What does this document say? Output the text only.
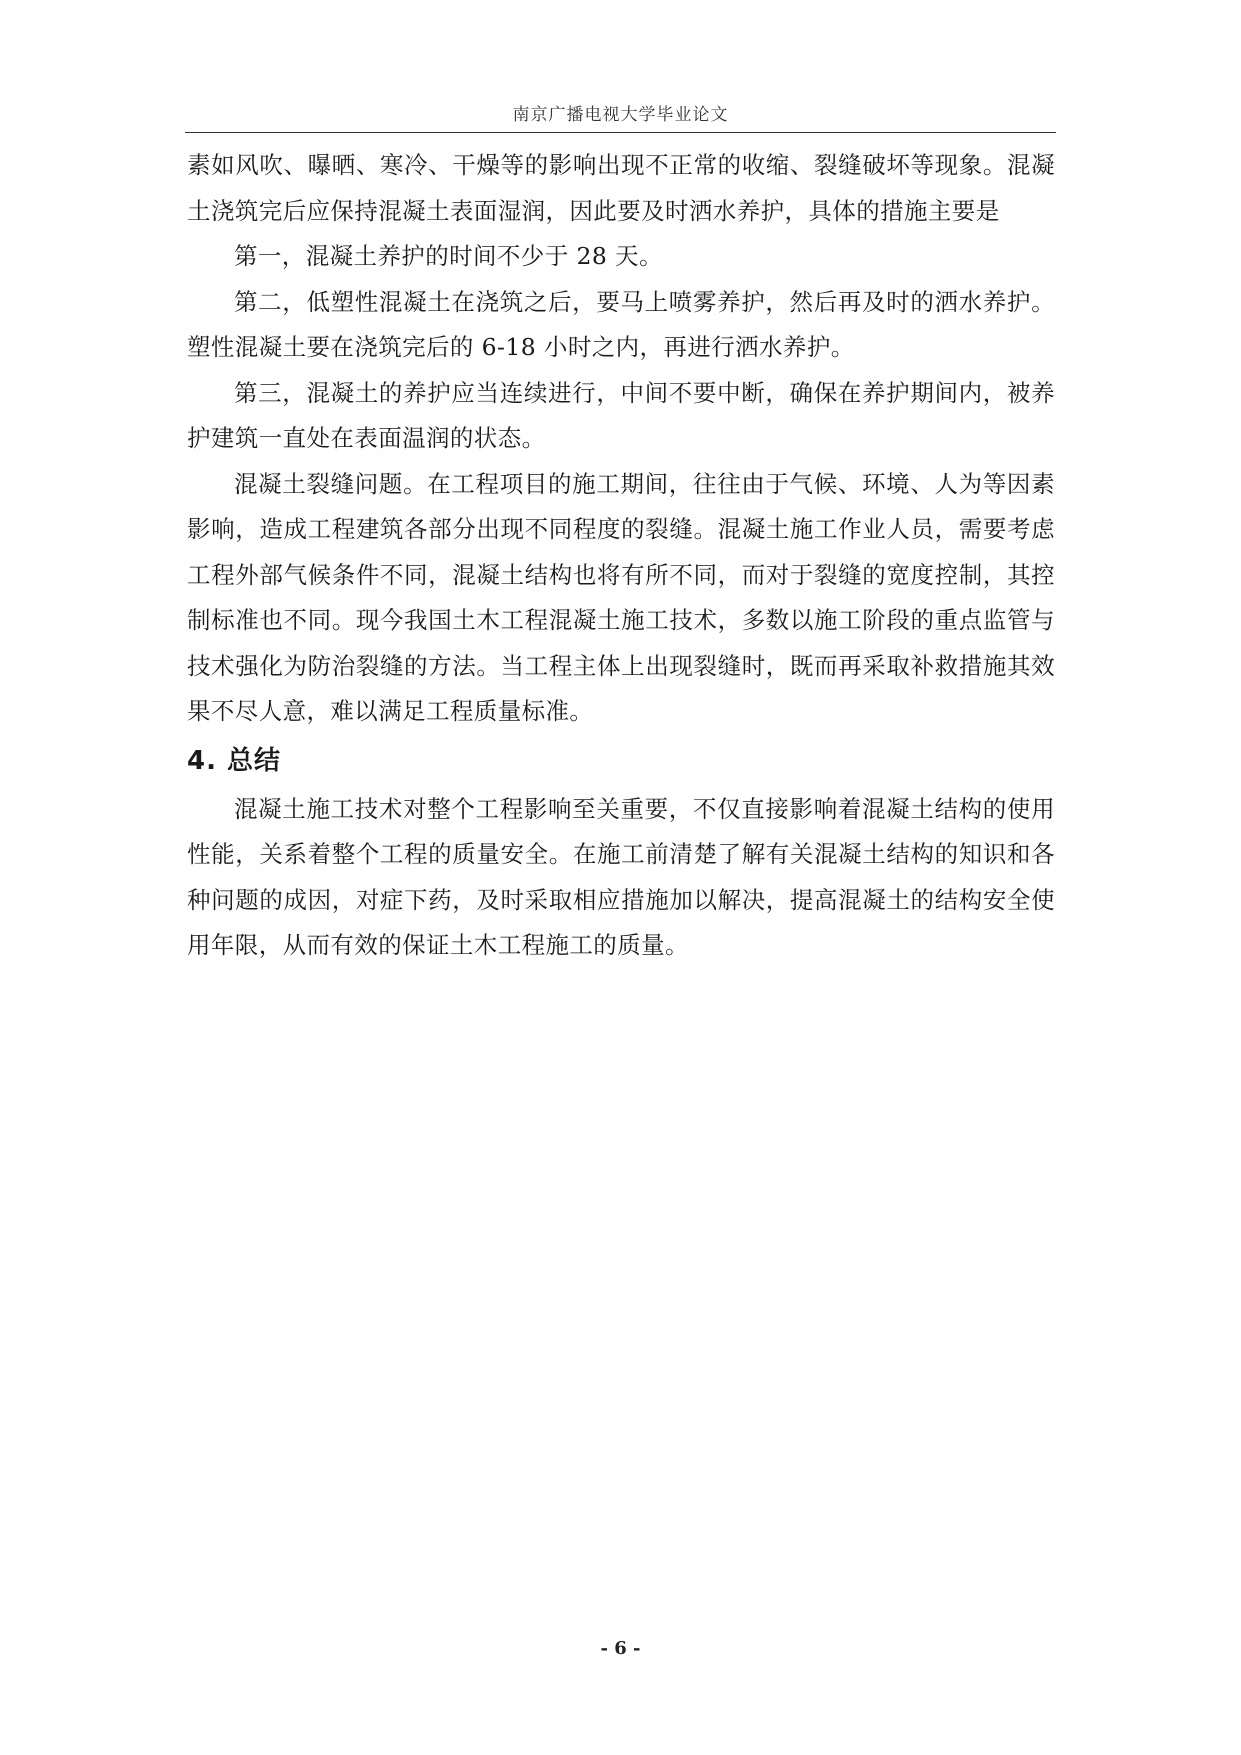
南京广播电视大学毕业论文

素如风吹、曝晒、寒冷、干燥等的影响出现不正常的收缩、裂缝破坏等现象。混凝土浇筑完后应保持混凝土表面湿润，因此要及时洒水养护，具体的措施主要是

第一，混凝土养护的时间不少于 28 天。

第二，低塑性混凝土在浇筑之后，要马上喷雾养护，然后再及时的洒水养护。塑性混凝土要在浇筑完后的 6-18 小时之内，再进行洒水养护。

第三，混凝土的养护应当连续进行，中间不要中断，确保在养护期间内，被养护建筑一直处在表面温润的状态。

混凝土裂缝问题。在工程项目的施工期间，往往由于气候、环境、人为等因素影响，造成工程建筑各部分出现不同程度的裂缝。混凝土施工作业人员，需要考虑工程外部气候条件不同，混凝土结构也将有所不同，而对于裂缝的宽度控制，其控制标准也不同。现今我国土木工程混凝土施工技术，多数以施工阶段的重点监管与技术强化为防治裂缝的方法。当工程主体上出现裂缝时，既而再采取补救措施其效果不尽人意，难以满足工程质量标准。

4. 总结

混凝土施工技术对整个工程影响至关重要，不仅直接影响着混凝土结构的使用性能，关系着整个工程的质量安全。在施工前清楚了解有关混凝土结构的知识和各种问题的成因，对症下药，及时采取相应措施加以解决，提高混凝土的结构安全使用年限，从而有效的保证土木工程施工的质量。

- 6 -
